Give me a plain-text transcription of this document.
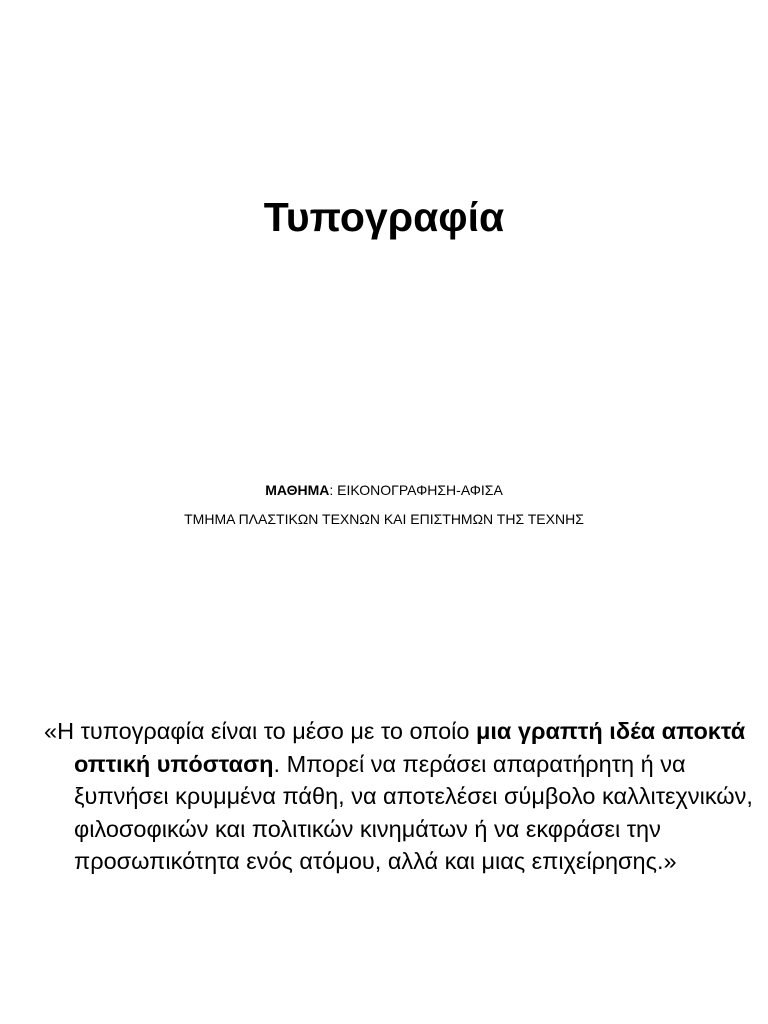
Τυπογραφία
ΜΑΘΗΜΑ: ΕΙΚΟΝΟΓΡΑΦΗΣΗ-ΑΦΙΣΑ
ΤΜΗΜΑ ΠΛΑΣΤΙΚΩΝ ΤΕΧΝΩΝ ΚΑΙ ΕΠΙΣΤΗΜΩΝ ΤΗΣ ΤΕΧΝΗΣ

«Η τυπογραφία είναι το μέσο με το οποίο μια γραπτή ιδέα αποκτά οπτική υπόσταση. Μπορεί να περάσει απαρατήρητη ή να ξυπνήσει κρυμμένα πάθη, να αποτελέσει σύμβολο καλλιτεχνικών, φιλοσοφικών και πολιτικών κινημάτων ή να εκφράσει την προσωπικότητα ενός ατόμου, αλλά και μιας επιχείρησης.»
